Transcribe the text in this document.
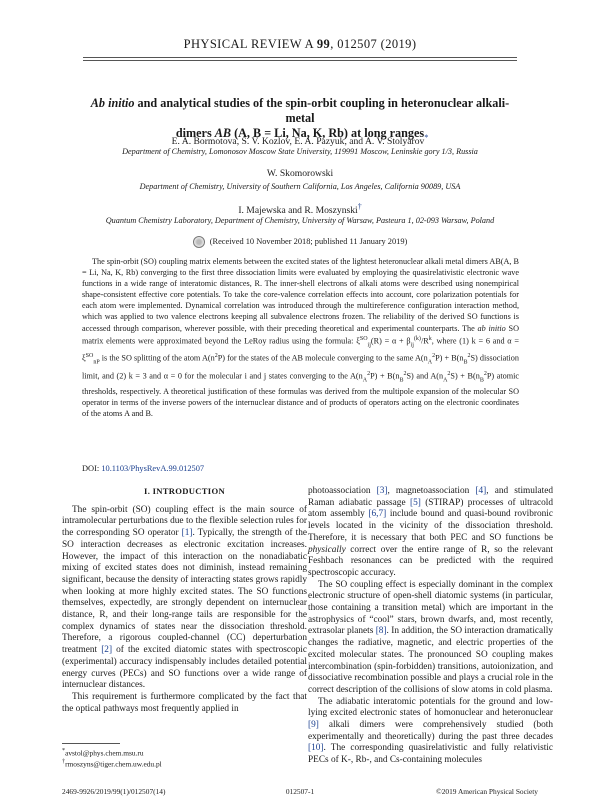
PHYSICAL REVIEW A 99, 012507 (2019)
Ab initio and analytical studies of the spin-orbit coupling in heteronuclear alkali-metal
dimers AB (A, B = Li, Na, K, Rb) at long ranges
E. A. Bormotova, S. V. Kozlov, E. A. Pazyuk, and A. V. Stolyarov*
Department of Chemistry, Lomonosov Moscow State University, 119991 Moscow, Leninskie gory 1/3, Russia
W. Skomorowski
Department of Chemistry, University of Southern California, Los Angeles, California 90089, USA
I. Majewska and R. Moszynski†
Quantum Chemistry Laboratory, Department of Chemistry, University of Warsaw, Pasteura 1, 02-093 Warsaw, Poland
(Received 10 November 2018; published 11 January 2019)

The spin-orbit (SO) coupling matrix elements between the excited states of the lightest heteronuclear alkali metal dimers AB(A, B = Li, Na, K, Rb) converging to the first three dissociation limits were evaluated by employing the quasirelativistic electronic wave functions in a wide range of interatomic distances, R. The inner-shell electrons of alkali atoms were described using nonempirical shape-consistent effective core potentials. To take the core-valence correlation effects into account, core polarization potentials for each atom were implemented. Dynamical correlation was introduced through the multireference configuration interaction method, which was applied to two valence electrons keeping all subvalence electrons frozen. The reliability of the derived SO functions is accessed through comparison, wherever possible, with their preceding theoretical and experimental counterparts. The ab initio SO matrix elements were approximated beyond the LeRoy radius using the formula: $\xi^{SO}_{ij}(R) = \alpha + \beta_{ij}^{(k)}/R^k$, where (1) k = 6 and $\alpha = \xi^{SO}_{nP}$ is the SO splitting of the atom $A(n^2P)$ for the states of the AB molecule converging to the same $A(n_A^2P) + B(n_B^2S)$ dissociation limit, and (2) k = 3 and α = 0 for the molecular i and j states converging to the $A(n_A^2P) + B(n_B^2S)$ and $A(n_A^2S) + B(n_B^2P)$ atomic thresholds, respectively. A theoretical justification of these formulas was derived from the multipole expansion of the molecular SO operator in terms of the inverse powers of the internuclear distance and of products of operators acting on the electronic coordinates of the atoms A and B.

DOI: 10.1103/PhysRevA.99.012507
I. INTRODUCTION

The spin-orbit (SO) coupling effect is the main source of intramolecular perturbations due to the flexible selection rules for the corresponding SO operator [1]. Typically, the strength of the SO interaction decreases as electronic excitation increases. However, the impact of this interaction on the nonadiabatic mixing of excited states does not diminish, instead remaining significant, because the density of interacting states grows rapidly when looking at more highly excited states. The SO functions themselves, expectedly, are strongly dependent on internuclear distance, R, and their long-range tails are responsible for the complex dynamics of states near the dissociation threshold. Therefore, a rigorous coupled-channel (CC) deperturbation treatment [2] of the excited diatomic states with spectroscopic (experimental) accuracy indispensably includes detailed potential energy curves (PECs) and SO functions over a wide range of internuclear distances.

This requirement is furthermore complicated by the fact that the optical pathways most frequently applied in

photoassociation [3], magnetoassociation [4], and stimulated Raman adiabatic passage [5] (STIRAP) processes of ultracold atom assembly [6,7] include bound and quasi-bound rovibronic levels located in the vicinity of the dissociation threshold. Therefore, it is necessary that both PEC and SO functions be physically correct over the entire range of R, so the relevant Feshbach resonances can be predicted with the required spectroscopic accuracy.

The SO coupling effect is especially dominant in the complex electronic structure of open-shell diatomic systems (in particular, those containing a transition metal) which are important in the astrophysics of “cool” stars, brown dwarfs, and, most recently, extrasolar planets [8]. In addition, the SO interaction dramatically changes the radiative, magnetic, and electric properties of the excited molecular states. The pronounced SO coupling makes intercombination (spin-forbidden) transitions, autoionization, and dissociative recombination possible and plays a crucial role in the correct description of the collisions of slow atoms in cold plasma.

The adiabatic interatomic potentials for the ground and low-lying excited electronic states of homonuclear and heteronuclear [9] alkali dimers were comprehensively studied (both experimentally and theoretically) during the past three decades [10]. The corresponding quasirelativistic and fully relativistic PECs of K-, Rb-, and Cs-containing molecules

*avstol@phys.chem.msu.ru
†rmoszyns@tiger.chem.uw.edu.pl
2469-9926/2019/99(1)/012507(14)	012507-1	©2019 American Physical Society
